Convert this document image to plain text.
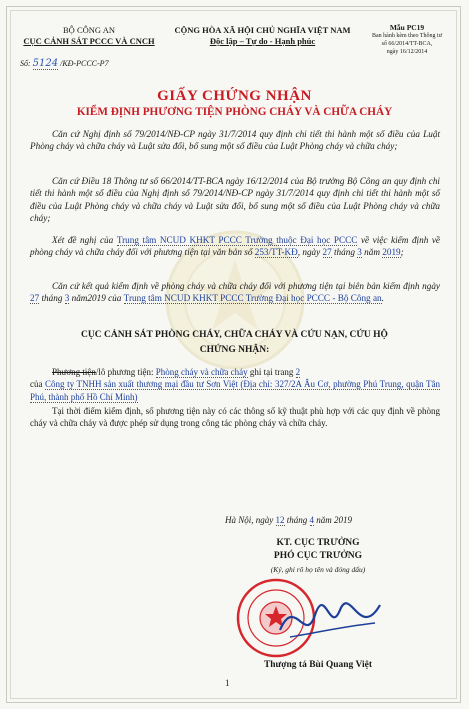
BỘ CÔNG AN
CỤC CẢNH SÁT PCCC VÀ CNCH
CỘNG HÒA XÃ HỘI CHỦ NGHĨA VIỆT NAM
Độc lập – Tự do - Hạnh phúc
Mẫu PC19
Ban hành kèm theo Thông tư
số 66/2014/TT-BCA,
ngày 16/12/2014
Số: 5124 /KĐ-PCCC-P7
GIẤY CHỨNG NHẬN
KIỂM ĐỊNH PHƯƠNG TIỆN PHÒNG CHÁY VÀ CHỮA CHÁY
Căn cứ Nghị định số 79/2014/NĐ-CP ngày 31/7/2014 quy định chi tiết thi hành một số điều của Luật Phòng cháy và chữa cháy và Luật sửa đổi, bổ sung một số điều của Luật Phòng cháy và chữa cháy;
Căn cứ Điều 18 Thông tư số 66/2014/TT-BCA ngày 16/12/2014 của Bộ trưởng Bộ Công an quy định chi tiết thi hành một số điều của Nghị định số 79/2014/NĐ-CP ngày 31/7/2014 quy định chi tiết thi hành một số điều của Luật Phòng cháy và chữa cháy và Luật sửa đổi, bổ sung một số điều của Luật Phòng cháy và chữa cháy;
Xét đề nghị của Trung tâm NCUD KHKT PCCC Trường thuộc Đại học PCCC về việc kiểm định về phòng cháy và chữa cháy đối với phương tiện tại văn bản số 253/TT-KĐ, ngày 27 tháng 3 năm 2019;
Căn cứ kết quả kiểm định về phòng cháy và chữa cháy đối với phương tiện tại biên bản kiểm định ngày 27 tháng 3 năm2019 của Trung tâm NCUD KHKT PCCC Trường Đại học PCCC - Bộ Công an.
CỤC CẢNH SÁT PHÒNG CHÁY, CHỮA CHÁY VÀ CỨU NẠN, CỨU HỘ
CHỨNG NHẬN:
Phương tiện/lô phương tiện: Phòng cháy và chữa cháy ghi tại trang 2
của Công ty TNHH sản xuất thương mại đầu tư Sơn Việt (Địa chỉ: 327/2A Âu Cơ, phường Phú Trung, quận Tân Phú, thành phố Hồ Chí Minh)
Tại thời điểm kiểm định, số phương tiện này có các thông số kỹ thuật phù hợp với các quy định về phòng cháy và chữa cháy và được phép sử dụng trong công tác phòng cháy và chữa cháy.
Hà Nội, ngày 12 tháng 4 năm 2019
KT. CỤC TRƯỞNG
PHÓ CỤC TRƯỞNG
(Ký, ghi rõ họ tên và đóng dấu)
Thượng tá Bùi Quang Việt
1
